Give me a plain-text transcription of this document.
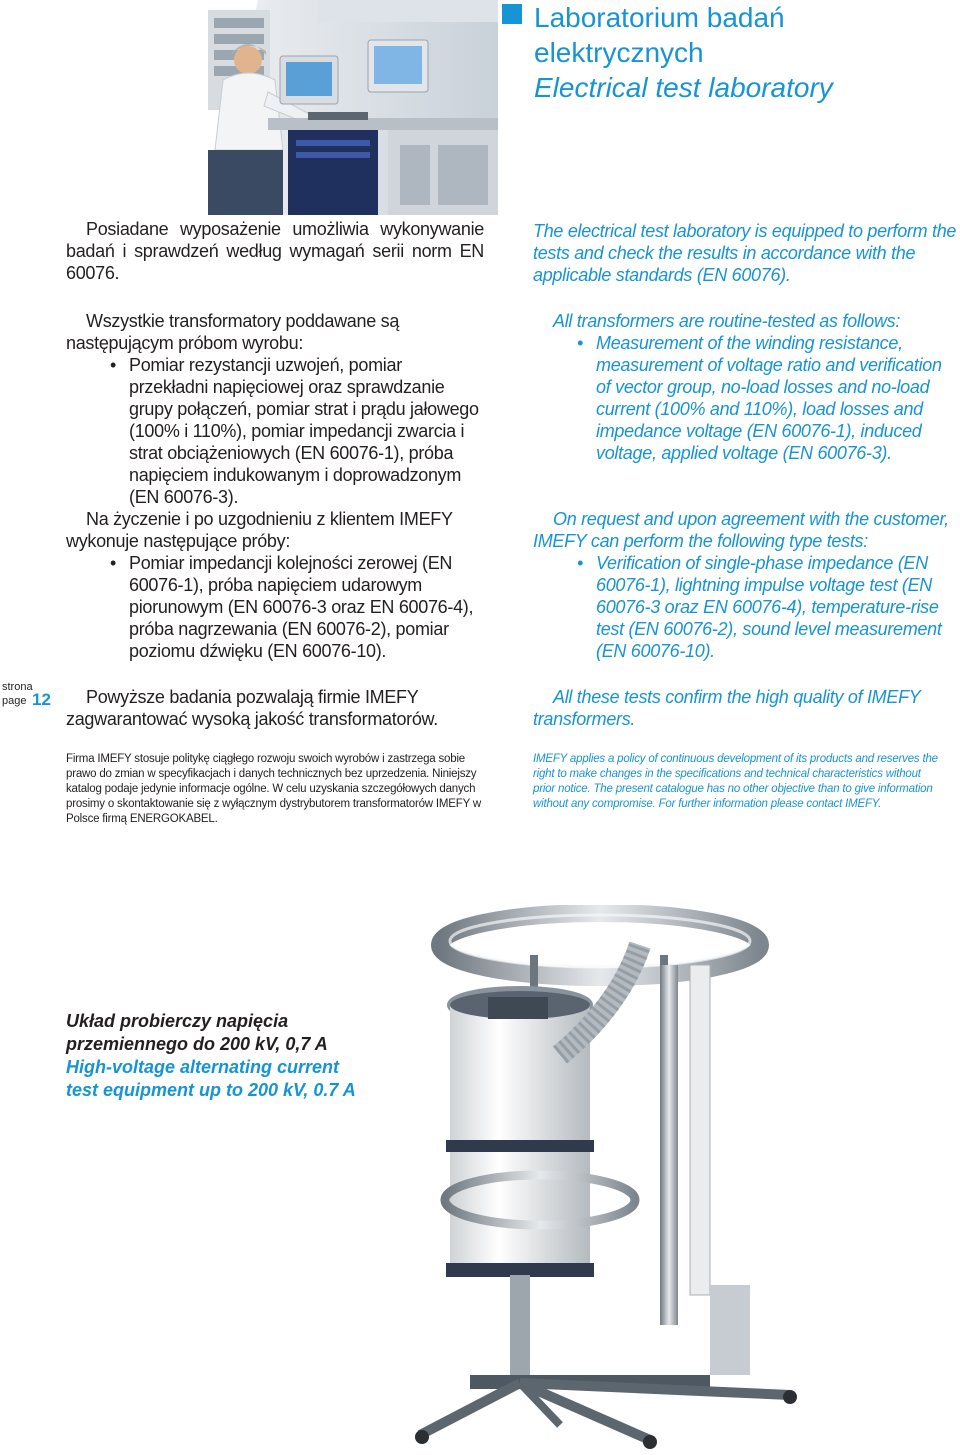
Laboratorium badań
elektrycznych
Electrical test laboratory

Posiadane wyposażenie umożliwia wykonywanie badań i sprawdzeń według wymagań serii norm EN 60076.

Wszystkie transformatory poddawane są następującym próbom wyrobu:

• Pomiar rezystancji uzwojeń, pomiar przekładni napięciowej oraz sprawdzanie grupy połączeń, pomiar strat i prądu jałowego (100% i 110%), pomiar impedancji zwarcia i strat obciążeniowych (EN 60076-1), próba napięciem indukowanym i doprowadzonym (EN 60076-3).

Na życzenie i po uzgodnieniu z klientem IMEFY wykonuje następujące próby:

• Pomiar impedancji kolejności zerowej (EN 60076-1), próba napięciem udarowym piorunowym (EN 60076-3 oraz EN 60076-4), próba nagrzewania (EN 60076-2), pomiar poziomu dźwięku (EN 60076-10).

Powyższe badania pozwalają firmie IMEFY zagwarantować wysoką jakość transformatorów.

The electrical test laboratory is equipped to perform the tests and check the results in accordance with the applicable standards (EN 60076).

All transformers are routine-tested as follows:

• Measurement of the winding resistance, measurement of voltage ratio and verification of vector group, no-load losses and no-load current (100% and 110%), load losses and impedance voltage (EN 60076-1), induced voltage, applied voltage (EN 60076-3).

On request and upon agreement with the customer, IMEFY can perform the following type tests:

• Verification of single-phase impedance (EN 60076-1), lightning impulse voltage test (EN 60076-3 oraz EN 60076-4), temperature-rise test (EN 60076-2), sound level measurement (EN 60076-10).

All these tests confirm the high quality of IMEFY transformers.

strona
page 12
Firma IMEFY stosuje politykę ciągłego rozwoju swoich wyrobów i zastrzega sobie prawo do zmian w specyfikacjach i danych technicznych bez uprzedzenia. Niniejszy katalog podaje jedynie informacje ogólne. W celu uzyskania szczegółowych danych prosimy o skontaktowanie się z wyłącznym dystrybutorem transformatorów IMEFY w Polsce firmą ENERGOKABEL.
IMEFY applies a policy of continuous development of its products and reserves the right to make changes in the specifications and technical characteristics without prior notice. The present catalogue has no other objective than to give information without any compromise. For further information please contact IMEFY.
Układ probierczy napięcia
przemiennego do 200 kV, 0,7 A
High-voltage alternating current
test equipment up to 200 kV, 0.7 A
